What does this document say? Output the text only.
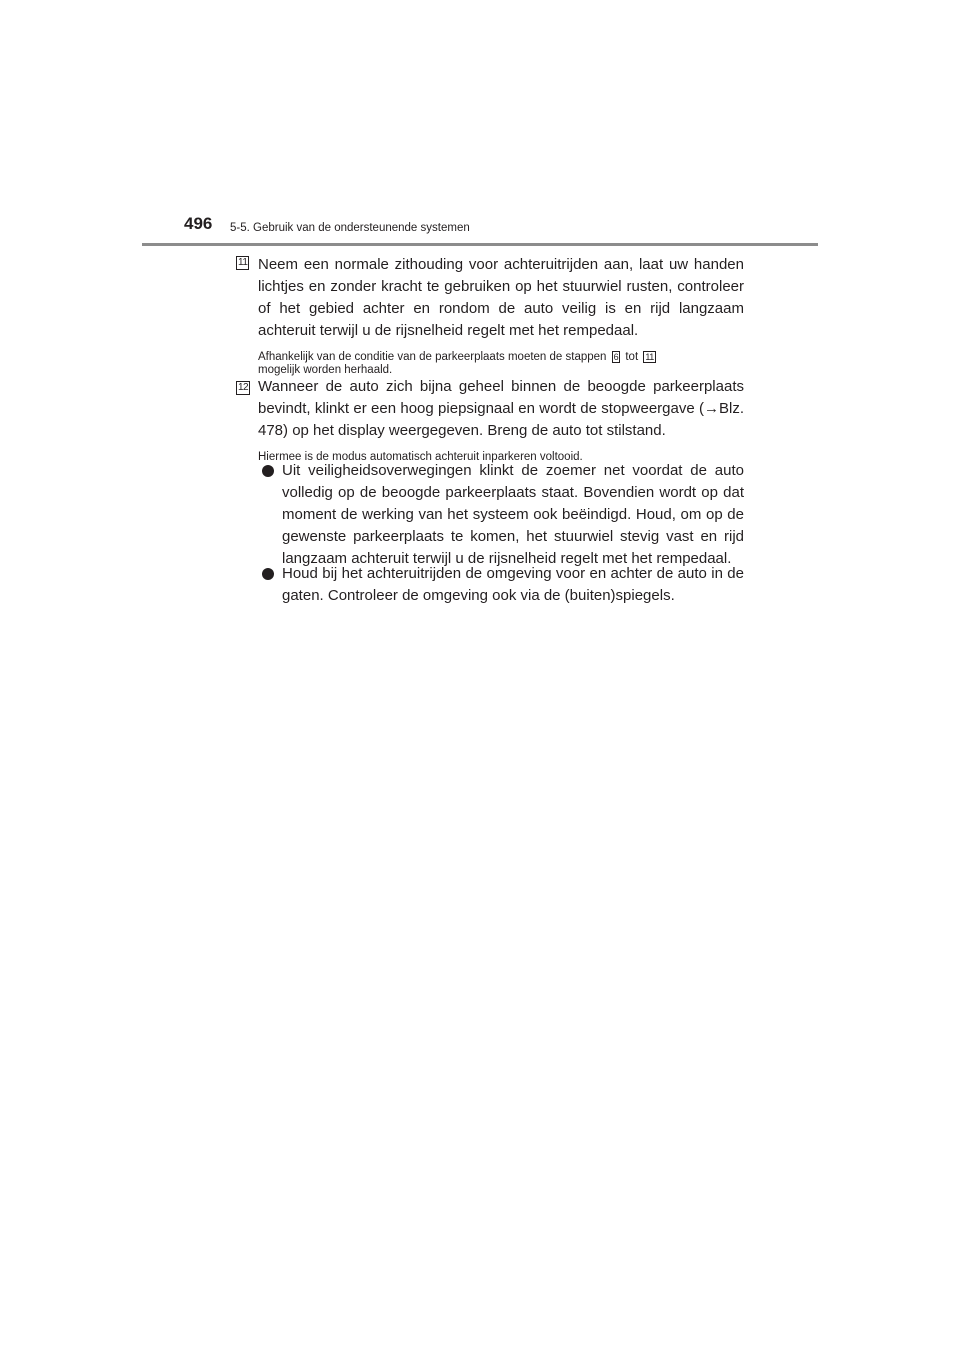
496 5-5. Gebruik van de ondersteunende systemen
11 Neem een normale zithouding voor achteruitrijden aan, laat uw handen lichtjes en zonder kracht te gebruiken op het stuurwiel rusten, controleer of het gebied achter en rondom de auto veilig is en rijd langzaam achteruit terwijl u de rijsnelheid regelt met het rempedaal.

Afhankelijk van de conditie van de parkeerplaats moeten de stappen 6 tot 11
mogelijk worden herhaald.

12 Wanneer de auto zich bijna geheel binnen de beoogde parkeerplaats bevindt, klinkt er een hoog piepsignaal en wordt de stopweergave (→Blz. 478) op het display weergegeven. Breng de auto tot stilstand.

Hiermee is de modus automatisch achteruit inparkeren voltooid.

Uit veiligheidsoverwegingen klinkt de zoemer net voordat de auto volledig op de beoogde parkeerplaats staat. Bovendien wordt op dat moment de werking van het systeem ook beëindigd. Houd, om op de gewenste parkeerplaats te komen, het stuurwiel stevig vast en rijd langzaam achteruit terwijl u de rijsnelheid regelt met het rempedaal.

Houd bij het achteruitrijden de omgeving voor en achter de auto in de gaten. Controleer de omgeving ook via de (buiten)spiegels.
